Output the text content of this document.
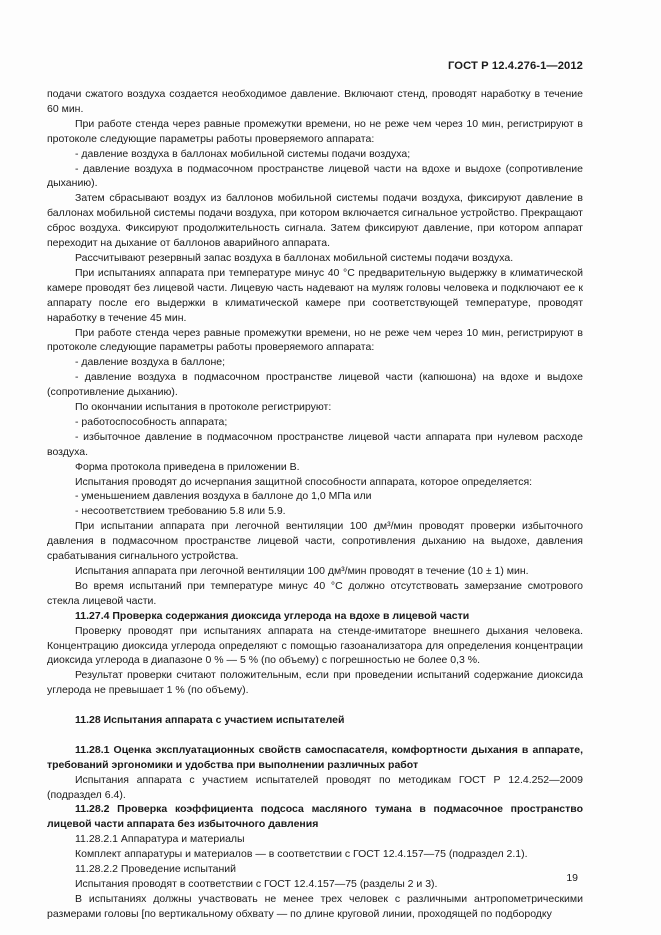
ГОСТ Р 12.4.276-1—2012

подачи сжатого воздуха создается необходимое давление. Включают стенд, проводят наработку в течение 60 мин.

При работе стенда через равные промежутки времени, но не реже чем через 10 мин, регистрируют в протоколе следующие параметры работы проверяемого аппарата:

- давление воздуха в баллонах мобильной системы подачи воздуха;

- давление воздуха в подмасочном пространстве лицевой части на вдохе и выдохе (сопротивление дыханию).

Затем сбрасывают воздух из баллонов мобильной системы подачи воздуха, фиксируют давление в баллонах мобильной системы подачи воздуха, при котором включается сигнальное устройство. Прекращают сброс воздуха. Фиксируют продолжительность сигнала. Затем фиксируют давление, при котором аппарат переходит на дыхание от баллонов аварийного аппарата.

Рассчитывают резервный запас воздуха в баллонах мобильной системы подачи воздуха.

При испытаниях аппарата при температуре минус 40 °С предварительную выдержку в климатической камере проводят без лицевой части. Лицевую часть надевают на муляж головы человека и подключают ее к аппарату после его выдержки в климатической камере при соответствующей температуре, проводят наработку в течение 45 мин.

При работе стенда через равные промежутки времени, но не реже чем через 10 мин, регистрируют в протоколе следующие параметры работы проверяемого аппарата:

- давление воздуха в баллоне;

- давление воздуха в подмасочном пространстве лицевой части (капюшона) на вдохе и выдохе (сопротивление дыханию).

По окончании испытания в протоколе регистрируют:

- работоспособность аппарата;

- избыточное давление в подмасочном пространстве лицевой части аппарата при нулевом расходе воздуха.

Форма протокола приведена в приложении В.

Испытания проводят до исчерпания защитной способности аппарата, которое определяется:

- уменьшением давления воздуха в баллоне до 1,0 МПа или

- несоответствием требованию 5.8 или 5.9.

При испытании аппарата при легочной вентиляции 100 дм³/мин проводят проверки избыточного давления в подмасочном пространстве лицевой части, сопротивления дыханию на выдохе, давления срабатывания сигнального устройства.

Испытания аппарата при легочной вентиляции 100 дм³/мин проводят в течение (10 ± 1) мин.

Во время испытаний при температуре минус 40 °С должно отсутствовать замерзание смотрового стекла лицевой части.

11.27.4 Проверка содержания диоксида углерода на вдохе в лицевой части

Проверку проводят при испытаниях аппарата на стенде-имитаторе внешнего дыхания человека. Концентрацию диоксида углерода определяют с помощью газоанализатора для определения концентрации диоксида углерода в диапазоне 0 % — 5 % (по объему) с погрешностью не более 0,3 %.

Результат проверки считают положительным, если при проведении испытаний содержание диоксида углерода не превышает 1 % (по объему).

11.28 Испытания аппарата с участием испытателей

11.28.1 Оценка эксплуатационных свойств самоспасателя, комфортности дыхания в аппарате, требований эргономики и удобства при выполнении различных работ

Испытания аппарата с участием испытателей проводят по методикам ГОСТ Р 12.4.252—2009 (подраздел 6.4).

11.28.2 Проверка коэффициента подсоса масляного тумана в подмасочное пространство лицевой части аппарата без избыточного давления

11.28.2.1 Аппаратура и материалы

Комплект аппаратуры и материалов — в соответствии с ГОСТ 12.4.157—75 (подраздел 2.1).

11.28.2.2 Проведение испытаний

Испытания проводят в соответствии с ГОСТ 12.4.157—75 (разделы 2 и 3).

В испытаниях должны участвовать не менее трех человек с различными антропометрическими размерами головы [по вертикальному обхвату — по длине круговой линии, проходящей по подбородку

19
